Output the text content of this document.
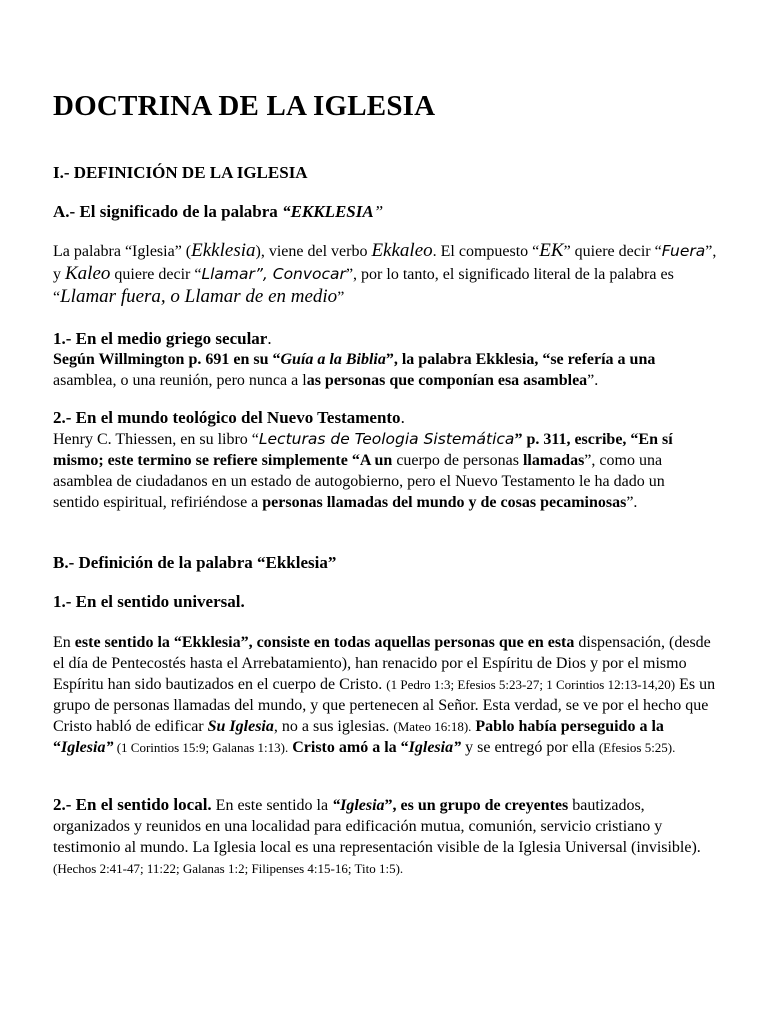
DOCTRINA DE LA IGLESIA
I.- DEFINICIÓN DE LA IGLESIA
A.- El significado de la palabra “EKKLESIA”

La palabra “Iglesia” (Ekklesia), viene del verbo Ekkaleo. El compuesto “EK” quiere decir “Fuera”, y Kaleo quiere decir “Llamar”, Convocar”, por lo tanto, el significado literal de la palabra es “Llamar fuera, o Llamar de en medio”

1.- En el medio griego secular.

Según Willmington p. 691 en su “Guía a la Biblia”, la palabra Ekklesia, “se refería a una asamblea, o una reunión, pero nunca a las personas que componían esa asamblea”.

2.- En el mundo teológico del Nuevo Testamento.

Henry C. Thiessen, en su libro “Lecturas de Teologia Sistemática” p. 311, escribe, “En sí mismo; este termino se refiere simplemente “A un cuerpo de personas llamadas”, como una asamblea de ciudadanos en un estado de autogobierno, pero el Nuevo Testamento le ha dado un sentido espiritual, refiriéndose a personas llamadas del mundo y de cosas pecaminosas”.

B.- Definición de la palabra “Ekklesia”
1.- En el sentido universal.

En este sentido la “Ekklesia”, consiste en todas aquellas personas que en esta dispensación, (desde el día de Pentecostés hasta el Arrebatamiento), han renacido por el Espíritu de Dios y por el mismo Espíritu han sido bautizados en el cuerpo de Cristo. (1 Pedro 1:3; Efesios 5:23-27; 1 Corintios 12:13-14,20) Es un grupo de personas llamadas del mundo, y que pertenecen al Señor. Esta verdad, se ve por el hecho que Cristo habló de edificar Su Iglesia, no a sus iglesias. (Mateo 16:18). Pablo había perseguido a la “Iglesia” (1 Corintios 15:9; Galanas 1:13). Cristo amó a la “Iglesia” y se entregó por ella (Efesios 5:25).

2.- En el sentido local. En este sentido la “Iglesia”, es un grupo de creyentes bautizados, organizados y reunidos en una localidad para edificación mutua, comunión, servicio cristiano y testimonio al mundo. La Iglesia local es una representación visible de la Iglesia Universal (invisible). (Hechos 2:41-47; 11:22; Galanas 1:2; Filipenses 4:15-16; Tito 1:5).
